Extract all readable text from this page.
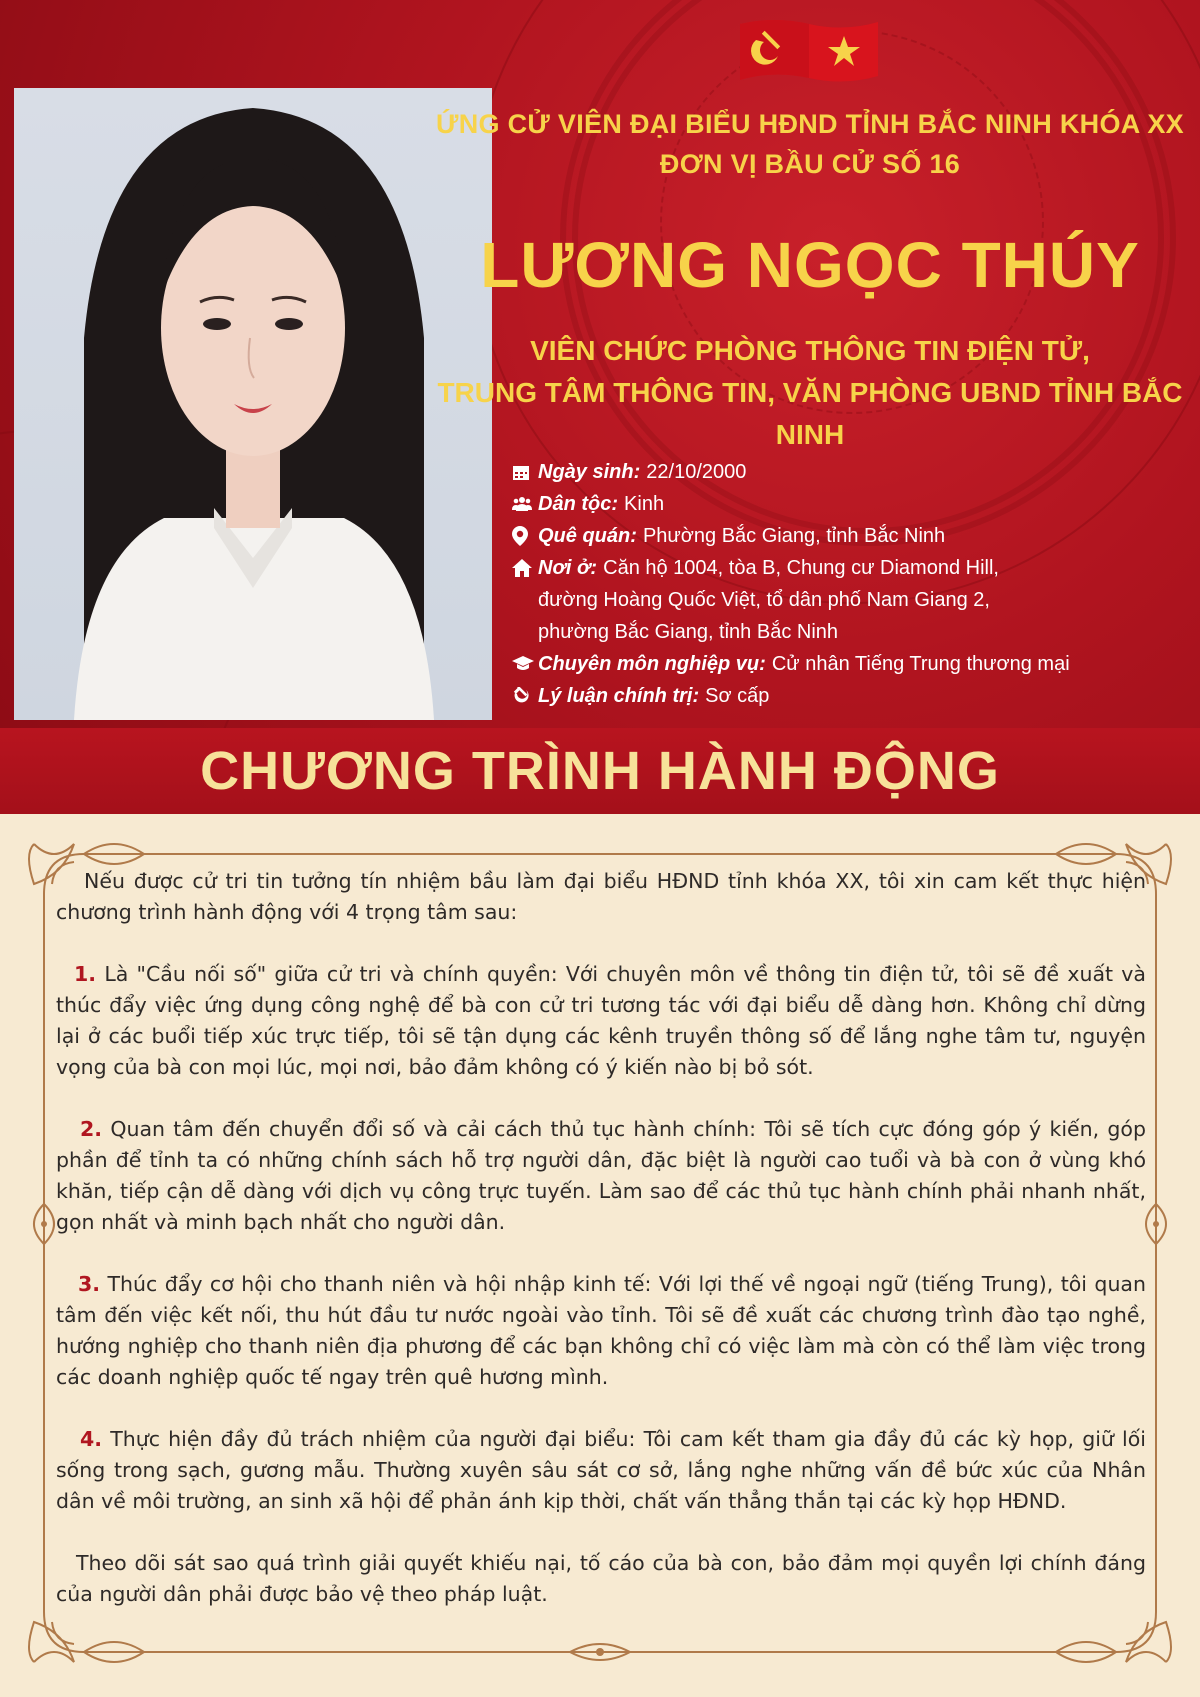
ỨNG CỬ VIÊN ĐẠI BIỂU HĐND TỈNH BẮC NINH KHÓA XX
ĐƠN VỊ BẦU CỬ SỐ 16
LƯƠNG NGỌC THÚY
VIÊN CHỨC PHÒNG THÔNG TIN ĐIỆN TỬ,
TRUNG TÂM THÔNG TIN, VĂN PHÒNG UBND TỈNH BẮC NINH
Ngày sinh: 22/10/2000
Dân tộc: Kinh
Quê quán: Phường Bắc Giang, tỉnh Bắc Ninh
Nơi ở: Căn hộ 1004, tòa B, Chung cư Diamond Hill,
đường Hoàng Quốc Việt, tổ dân phố Nam Giang 2,
phường Bắc Giang, tỉnh Bắc Ninh
Chuyên môn nghiệp vụ: Cử nhân Tiếng Trung thương mại
Lý luận chính trị: Sơ cấp
CHƯƠNG TRÌNH HÀNH ĐỘNG

Nếu được cử tri tin tưởng tín nhiệm bầu làm đại biểu HĐND tỉnh khóa XX, tôi xin cam kết thực hiện chương trình hành động với 4 trọng tâm sau:

1. Là "Cầu nối số" giữa cử tri và chính quyền: Với chuyên môn về thông tin điện tử, tôi sẽ đề xuất và thúc đẩy việc ứng dụng công nghệ để bà con cử tri tương tác với đại biểu dễ dàng hơn. Không chỉ dừng lại ở các buổi tiếp xúc trực tiếp, tôi sẽ tận dụng các kênh truyền thông số để lắng nghe tâm tư, nguyện vọng của bà con mọi lúc, mọi nơi, bảo đảm không có ý kiến nào bị bỏ sót.

2. Quan tâm đến chuyển đổi số và cải cách thủ tục hành chính: Tôi sẽ tích cực đóng góp ý kiến, góp phần để tỉnh ta có những chính sách hỗ trợ người dân, đặc biệt là người cao tuổi và bà con ở vùng khó khăn, tiếp cận dễ dàng với dịch vụ công trực tuyến. Làm sao để các thủ tục hành chính phải nhanh nhất, gọn nhất và minh bạch nhất cho người dân.

3. Thúc đẩy cơ hội cho thanh niên và hội nhập kinh tế: Với lợi thế về ngoại ngữ (tiếng Trung), tôi quan tâm đến việc kết nối, thu hút đầu tư nước ngoài vào tỉnh. Tôi sẽ đề xuất các chương trình đào tạo nghề, hướng nghiệp cho thanh niên địa phương để các bạn không chỉ có việc làm mà còn có thể làm việc trong các doanh nghiệp quốc tế ngay trên quê hương mình.

4. Thực hiện đầy đủ trách nhiệm của người đại biểu: Tôi cam kết tham gia đầy đủ các kỳ họp, giữ lối sống trong sạch, gương mẫu. Thường xuyên sâu sát cơ sở, lắng nghe những vấn đề bức xúc của Nhân dân về môi trường, an sinh xã hội để phản ánh kịp thời, chất vấn thẳng thắn tại các kỳ họp HĐND.

Theo dõi sát sao quá trình giải quyết khiếu nại, tố cáo của bà con, bảo đảm mọi quyền lợi chính đáng của người dân phải được bảo vệ theo pháp luật.
